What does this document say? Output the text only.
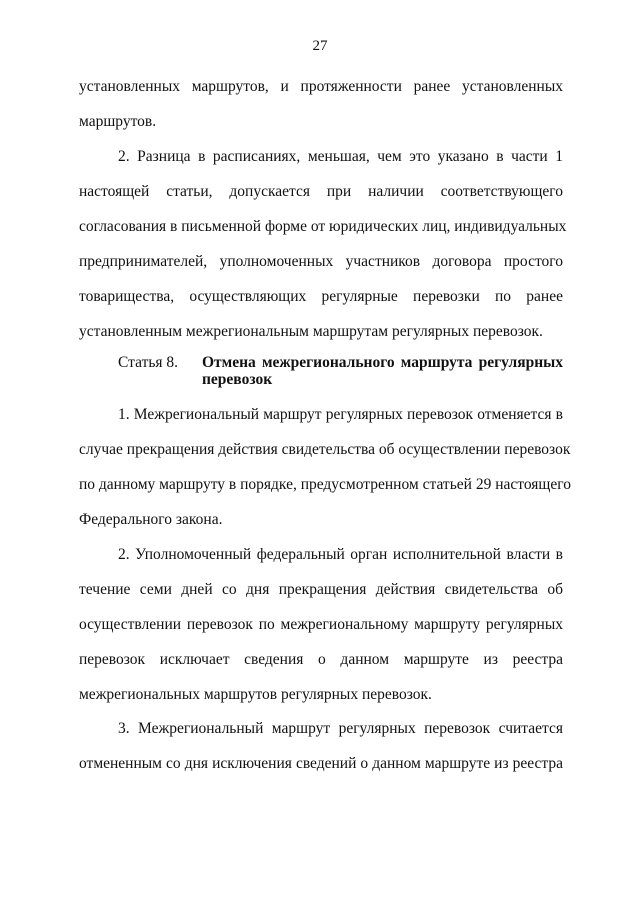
27
установленных маршрутов, и протяженности ранее установленных
маршрутов.
2. Разница в расписаниях, меньшая, чем это указано в части 1
настоящей статьи, допускается при наличии соответствующего
согласования в письменной форме от юридических лиц, индивидуальных
предпринимателей, уполномоченных участников договора простого
товарищества, осуществляющих регулярные перевозки по ранее
установленным межрегиональным маршрутам регулярных перевозок.
Статья 8. Отмена межрегионального маршрута регулярных
перевозок
1. Межрегиональный маршрут регулярных перевозок отменяется в
случае прекращения действия свидетельства об осуществлении перевозок
по данному маршруту в порядке, предусмотренном статьей 29 настоящего
Федерального закона.
2. Уполномоченный федеральный орган исполнительной власти в
течение семи дней со дня прекращения действия свидетельства об
осуществлении перевозок по межрегиональному маршруту регулярных
перевозок исключает сведения о данном маршруте из реестра
межрегиональных маршрутов регулярных перевозок.
3. Межрегиональный маршрут регулярных перевозок считается
отмененным со дня исключения сведений о данном маршруте из реестра
